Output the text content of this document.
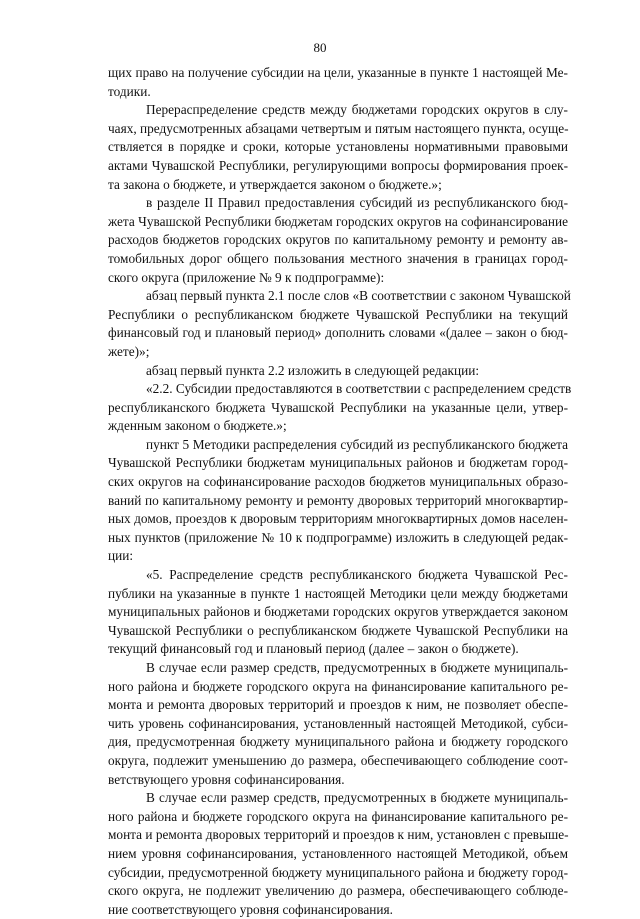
80
щих право на получение субсидии на цели, указанные в пункте 1 настоящей Ме-
тодики.
Перераспределение средств между бюджетами городских округов в слу-
чаях, предусмотренных абзацами четвертым и пятым настоящего пункта, осуще-
ствляется в порядке и сроки, которые установлены нормативными правовыми
актами Чувашской Республики, регулирующими вопросы формирования проек-
та закона о бюджете, и утверждается законом о бюджете.»;
в разделе II Правил предоставления субсидий из республиканского бюд-
жета Чувашской Республики бюджетам городских округов на софинансирование
расходов бюджетов городских округов по капитальному ремонту и ремонту ав-
томобильных дорог общего пользования местного значения в границах город-
ского округа (приложение № 9 к подпрограмме):
абзац первый пункта 2.1 после слов «В соответствии с законом Чувашской
Республики о республиканском бюджете Чувашской Республики на текущий
финансовый год и плановый период» дополнить словами «(далее – закон о бюд-
жете)»;
абзац первый пункта 2.2 изложить в следующей редакции:
«2.2. Субсидии предоставляются в соответствии с распределением средств
республиканского бюджета Чувашской Республики на указанные цели, утвер-
жденным законом о бюджете.»;
пункт 5 Методики распределения субсидий из республиканского бюджета
Чувашской Республики бюджетам муниципальных районов и бюджетам город-
ских округов на софинансирование расходов бюджетов муниципальных образо-
ваний по капитальному ремонту и ремонту дворовых территорий многоквартир-
ных домов, проездов к дворовым территориям многоквартирных домов населен-
ных пунктов (приложение № 10 к подпрограмме) изложить в следующей редак-
ции:
«5. Распределение средств республиканского бюджета Чувашской Рес-
публики на указанные в пункте 1 настоящей Методики цели между бюджетами
муниципальных районов и бюджетами городских округов утверждается законом
Чувашской Республики о республиканском бюджете Чувашской Республики на
текущий финансовый год и плановый период (далее – закон о бюджете).
В случае если размер средств, предусмотренных в бюджете муниципаль-
ного района и бюджете городского округа на финансирование капитального ре-
монта и ремонта дворовых территорий и проездов к ним, не позволяет обеспе-
чить уровень софинансирования, установленный настоящей Методикой, субси-
дия, предусмотренная бюджету муниципального района и бюджету городского
округа, подлежит уменьшению до размера, обеспечивающего соблюдение соот-
ветствующего уровня софинансирования.
В случае если размер средств, предусмотренных в бюджете муниципаль-
ного района и бюджете городского округа на финансирование капитального ре-
монта и ремонта дворовых территорий и проездов к ним, установлен с превыше-
нием уровня софинансирования, установленного настоящей Методикой, объем
субсидии, предусмотренной бюджету муниципального района и бюджету город-
ского округа, не подлежит увеличению до размера, обеспечивающего соблюде-
ние соответствующего уровня софинансирования.
